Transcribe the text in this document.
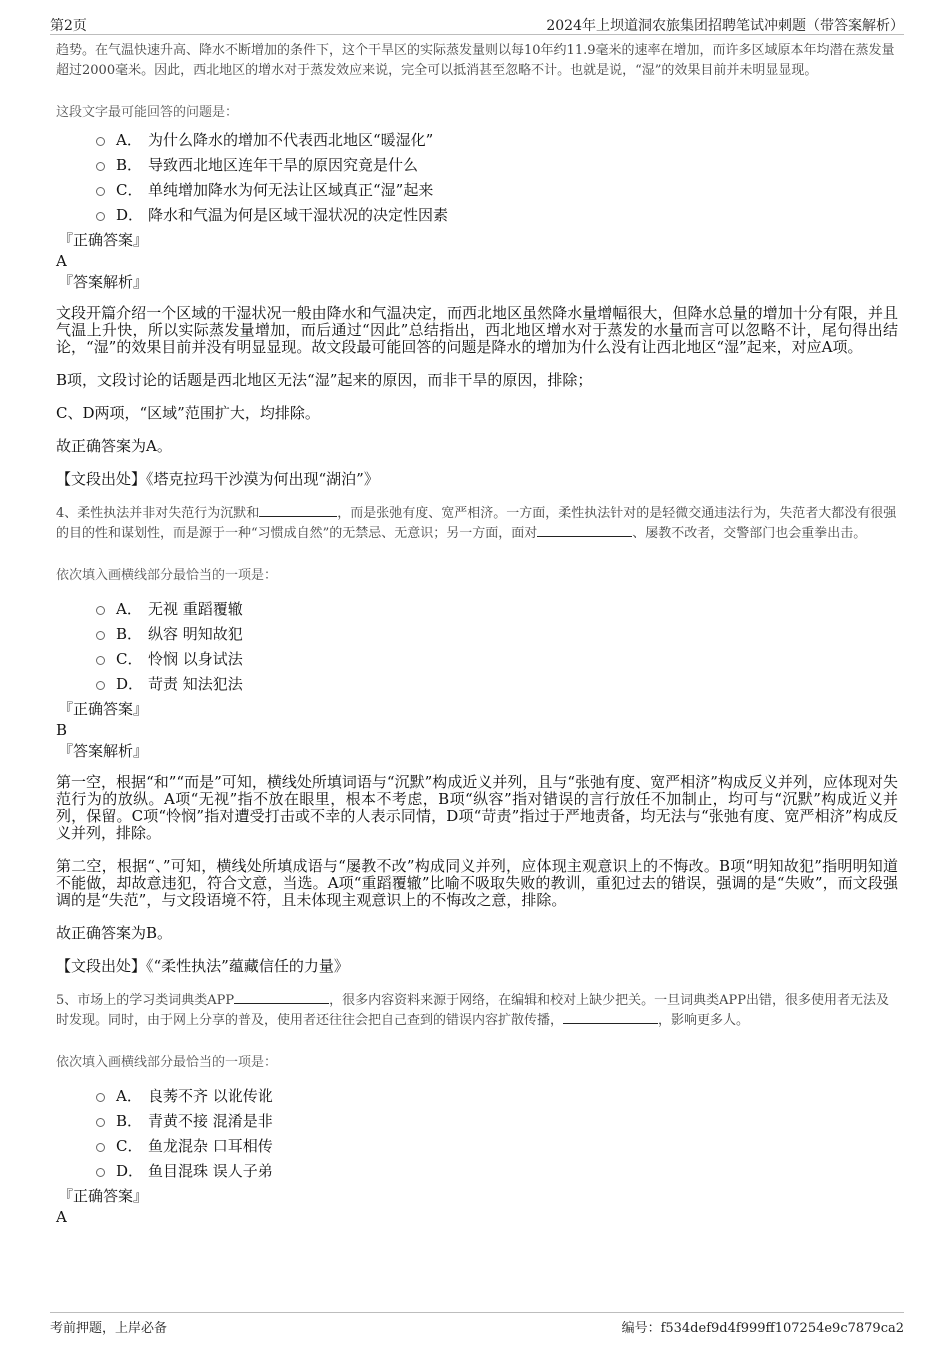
第2页	2024年上坝道洞农旅集团招聘笔试冲刺题（带答案解析）

趋势。在气温快速升高、降水不断增加的条件下，这个干旱区的实际蒸发量则以每10年约11.9毫米的速率在增加，而许多区域原本年均潜在蒸发量超过2000毫米。因此，西北地区的增水对于蒸发效应来说，完全可以抵消甚至忽略不计。也就是说，“湿”的效果目前并未明显显现。

这段文字最可能回答的问题是：

A． 为什么降水的增加不代表西北地区“暖湿化”
B． 导致西北地区连年干旱的原因究竟是什么
C． 单纯增加降水为何无法让区域真正“湿”起来
D． 降水和气温为何是区域干湿状况的决定性因素

『正确答案』

A

『答案解析』

文段开篇介绍一个区域的干湿状况一般由降水和气温决定，而西北地区虽然降水量增幅很大，但降水总量的增加十分有限，并且气温上升快，所以实际蒸发量增加，而后通过“因此”总结指出，西北地区增水对于蒸发的水量而言可以忽略不计，尾句得出结论，“湿”的效果目前并没有明显显现。故文段最可能回答的问题是降水的增加为什么没有让西北地区“湿”起来，对应A项。

B项，文段讨论的话题是西北地区无法“湿”起来的原因，而非干旱的原因，排除；

C、D两项，“区域”范围扩大，均排除。

故正确答案为A。

【文段出处】《塔克拉玛干沙漠为何出现“湖泊”》

4、柔性执法并非对失范行为沉默和	，而是张弛有度、宽严相济。一方面，柔性执法针对的是轻微交通违法行为，失范者大都没有很强的目的性和谋划性，而是源于一种“习惯成自然”的无禁忌、无意识；另一方面，面对	、屡教不改者，交警部门也会重拳出击。

依次填入画横线部分最恰当的一项是：

A． 无视 重蹈覆辙
B． 纵容 明知故犯
C． 怜悯 以身试法
D． 苛责 知法犯法

『正确答案』

B

『答案解析』

第一空，根据“和”“而是”可知，横线处所填词语与“沉默”构成近义并列，且与“张弛有度、宽严相济”构成反义并列，应体现对失范行为的放纵。A项“无视”指不放在眼里，根本不考虑，B项“纵容”指对错误的言行放任不加制止，均可与“沉默”构成近义并列，保留。C项“怜悯”指对遭受打击或不幸的人表示同情，D项“苛责”指过于严地责备，均无法与“张弛有度、宽严相济”构成反义并列，排除。

第二空，根据“、”可知，横线处所填成语与“屡教不改”构成同义并列，应体现主观意识上的不悔改。B项“明知故犯”指明明知道不能做，却故意违犯，符合文意，当选。A项“重蹈覆辙”比喻不吸取失败的教训，重犯过去的错误，强调的是“失败”，而文段强调的是“失范”，与文段语境不符，且未体现主观意识上的不悔改之意，排除。

故正确答案为B。

【文段出处】《“柔性执法”蕴藏信任的力量》

5、市场上的学习类词典类APP	，很多内容资料来源于网络，在编辑和校对上缺少把关。一旦词典类APP出错，很多使用者无法及时发现。同时，由于网上分享的普及，使用者还往往会把自己查到的错误内容扩散传播，	，影响更多人。

依次填入画横线部分最恰当的一项是：

A． 良莠不齐 以讹传讹
B． 青黄不接 混淆是非
C． 鱼龙混杂 口耳相传
D． 鱼目混珠 误人子弟

『正确答案』

A

考前押题，上岸必备	编号：f534def9d4f999ff107254e9c7879ca2
